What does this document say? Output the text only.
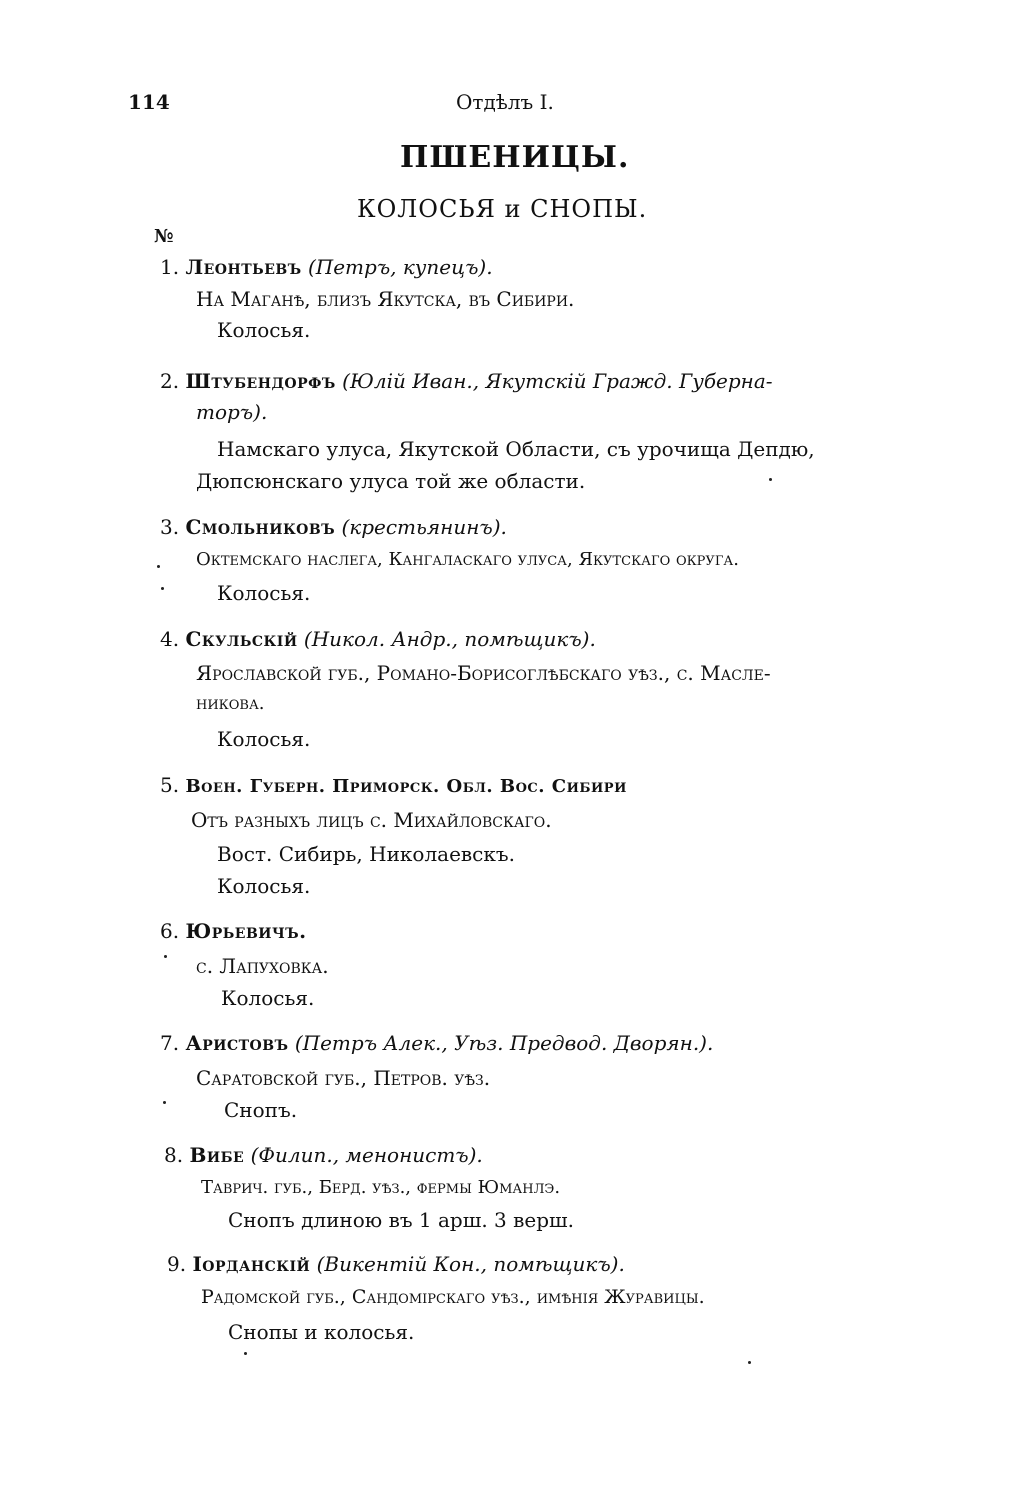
114	Отдѣлъ I.
ПШЕНИЦЫ.
КОЛОСЬЯ и СНОПЫ.
№
1. Леонтьевъ (Петръ, купецъ).
На Маганѣ, близъ Якутска, въ Сибири.
Колосья.
2. Штубендорфъ (Юлій Иван., Якутскій Гражд. Губерна-
торъ).
Намскаго улуса, Якутской Области, съ урочища Депдю,
Дюпсюнскаго улуса той же области.
3. Смольниковъ (крестьянинъ).
Октемскаго наслега, Кангаласкаго улуса, Якутскаго округа.
Колосья.
4. Скульскій (Никол. Андр., помѣщикъ).
Ярославской губ., Романо-Борисоглѣбскаго уѣз., с. Масле-
никова.
Колосья.
5. Воен. Губерн. Приморск. Обл. Вос. Сибири
Отъ разныхъ лицъ с. Михайловскаго.
Вост. Сибирь, Николаевскъ.
Колосья.
6. Юрьевичъ.
с. Лапуховка.
Колосья.
7. Аристовъ (Петръ Алек., Уѣз. Предвод. Дворян.).
Саратовской губ., Петров. уѣз.
Снопъ.
8. Вибе (Филип., менонистъ).
Таврич. губ., Берд. уѣз., фермы Юманлэ.
Снопъ длиною въ 1 арш. 3 верш.
9. Іорданскій (Викентій Кон., помѣщикъ).
Радомской губ., Сандомірскаго уѣз., имѣнія Журавицы.
Снопы и колосья.
